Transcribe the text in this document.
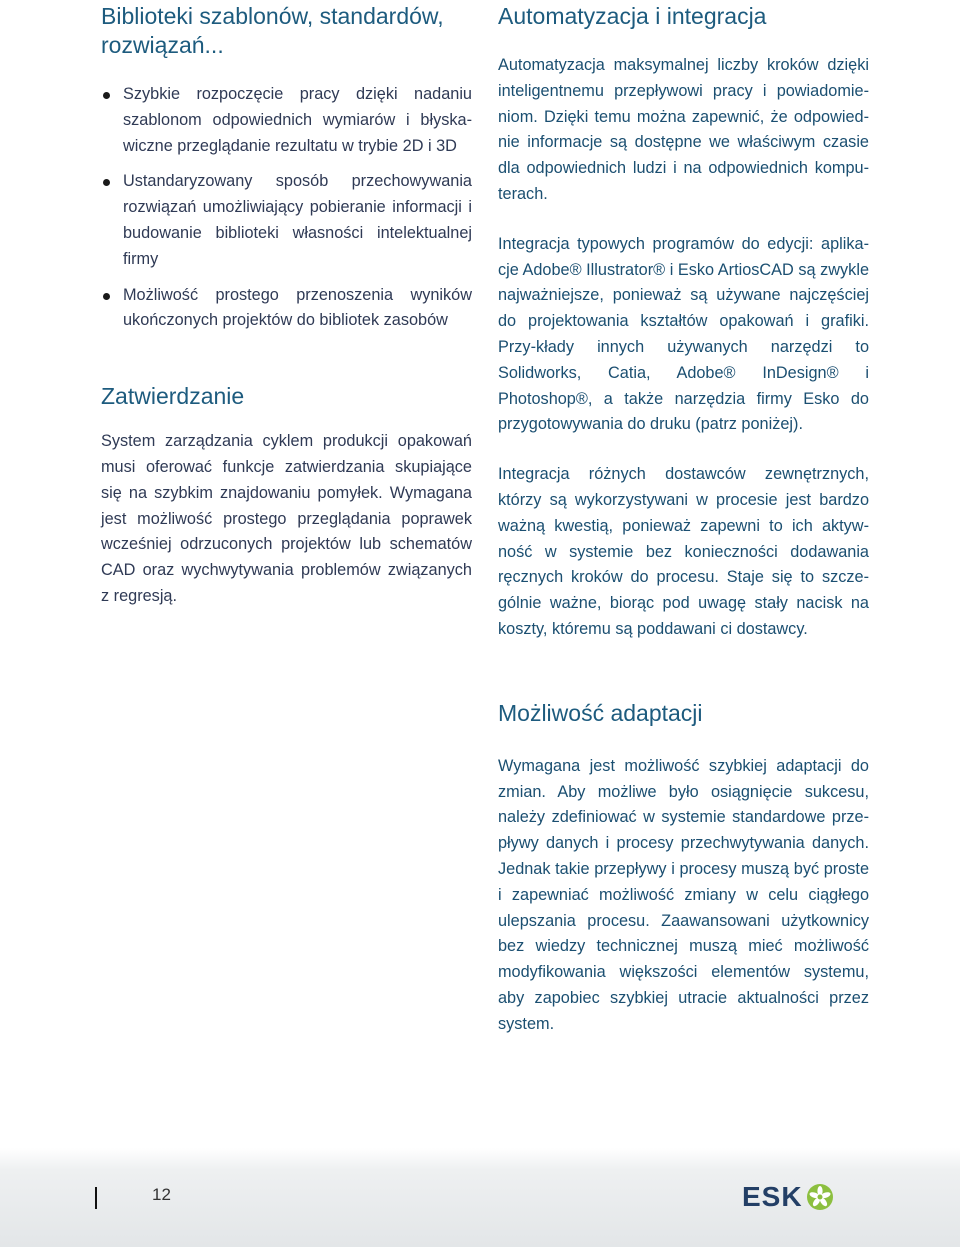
Biblioteki szablonów, standardów, rozwiązań...

Szybkie rozpoczęcie pracy dzięki nadaniu szablonom odpowiednich wymiarów i błyska-wiczne przeglądanie rezultatu w trybie 2D i 3D

Ustandaryzowany sposób przechowywania rozwiązań umożliwiający pobieranie informacji i budowanie biblioteki własności intelektualnej firmy

Możliwość prostego przenoszenia wyników ukończonych projektów do bibliotek zasobów

Zatwierdzanie

System zarządzania cyklem produkcji opakowań musi oferować funkcje zatwierdzania skupiające się na szybkim znajdowaniu pomyłek. Wymagana jest możliwość prostego przeglądania poprawek wcześniej odrzuconych projektów lub schematów CAD oraz wychwytywania problemów związanych z regresją.

Automatyzacja i integracja

Automatyzacja maksymalnej liczby kroków dzięki inteligentnemu przepływowi pracy i powiadomie-niom. Dzięki temu można zapewnić, że odpowied-nie informacje są dostępne we właściwym czasie dla odpowiednich ludzi i na odpowiednich kompu-terach.

Integracja typowych programów do edycji: aplika-cje Adobe® Illustrator® i Esko ArtiosCAD są zwykle najważniejsze, ponieważ są używane najczęściej do projektowania kształtów opakowań i grafiki. Przy-kłady innych używanych narzędzi to Solidworks, Catia, Adobe® InDesign® i Photoshop®, a także narzędzia firmy Esko do przygotowywania do druku (patrz poniżej).

Integracja różnych dostawców zewnętrznych, którzy są wykorzystywani w procesie jest bardzo ważną kwestią, ponieważ zapewni to ich aktyw-ność w systemie bez konieczności dodawania ręcznych kroków do procesu. Staje się to szcze-gólnie ważne, biorąc pod uwagę stały nacisk na koszty, któremu są poddawani ci dostawcy.

Możliwość adaptacji

Wymagana jest możliwość szybkiej adaptacji do zmian. Aby możliwe było osiągnięcie sukcesu, należy zdefiniować w systemie standardowe prze-pływy danych i procesy przechwytywania danych. Jednak takie przepływy i procesy muszą być proste i zapewniać możliwość zmiany w celu ciągłego ulepszania procesu. Zaawansowani użytkownicy bez wiedzy technicznej muszą mieć możliwość modyfikowania większości elementów systemu, aby zapobiec szybkiej utracie aktualności przez system.

12	ESK
